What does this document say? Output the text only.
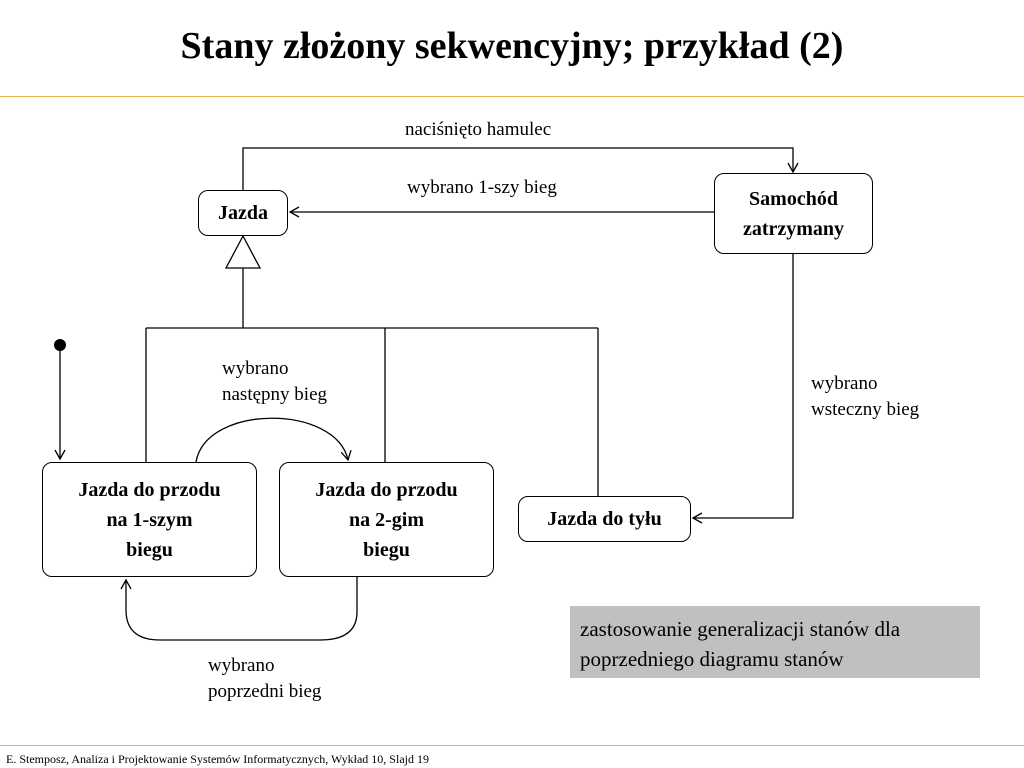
Stany złożony sekwencyjny; przykład (2)
Jazda
Samochód
zatrzymany
Jazda do przodu
na 1-szym
biegu
Jazda do przodu
na 2-gim
biegu
Jazda do tyłu
naciśnięto hamulec
wybrano 1-szy bieg
wybrano
następny bieg
wybrano
wsteczny bieg
wybrano
poprzedni bieg
zastosowanie generalizacji stanów dla
poprzedniego diagramu stanów
E. Stemposz, Analiza i Projektowanie Systemów Informatycznych, Wykład 10, Slajd 19
